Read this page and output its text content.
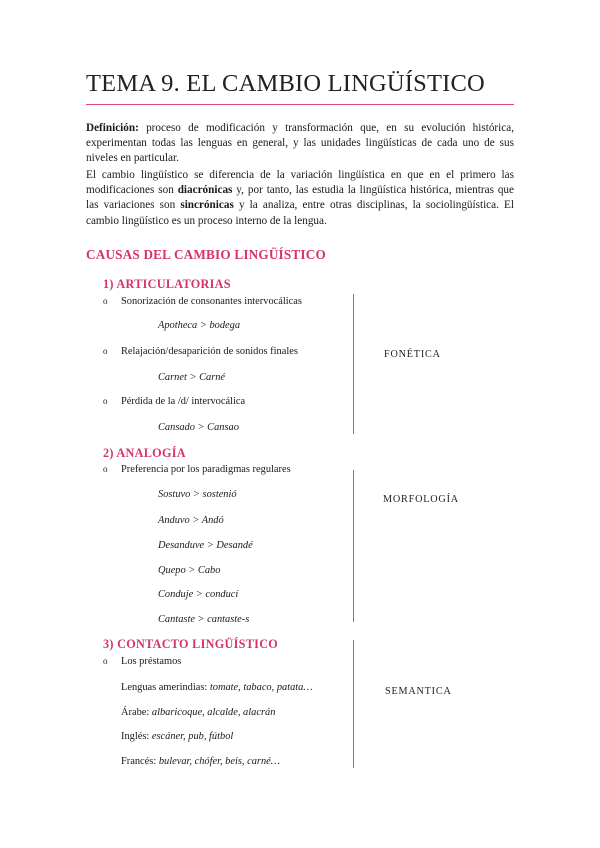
TEMA 9. EL CAMBIO LINGÜÍSTICO

Definición: proceso de modificación y transformación que, en su evolución histórica, experimentan todas las lenguas en general, y las unidades lingüísticas de cada uno de sus niveles en particular.

El cambio lingüístico se diferencia de la variación lingüística en que en el primero las modificaciones son diacrónicas y, por tanto, las estudia la lingüística histórica, mientras que las variaciones son sincrónicas y la analiza, entre otras disciplinas, la sociolingüística. El cambio lingüístico es un proceso interno de la lengua.

CAUSAS DEL CAMBIO LINGÜÍSTICO
1) ARTICULATORIAS
o Sonorización de consonantes intervocálicas
Apotheca > bodega
o Relajación/desaparición de sonidos finales
Carnet > Carné
o Pérdida de la /d/ intervocálica
Cansado > Cansao
FONÉTICA
2) ANALOGÍA
o Preferencia por los paradigmas regulares
Sostuvo > sostenió
Anduvo > Andó
Desanduve > Desandé
Quepo > Cabo
Conduje > conducí
Cantaste > cantaste-s
MORFOLOGÍA
3) CONTACTO LINGÜÍSTICO
o Los préstamos
Lenguas amerindias: tomate, tabaco, patata…
Árabe: albaricoque, alcalde, alacrán
Inglés: escáner, pub, fútbol
Francés: bulevar, chófer, beis, carné…
SEMANTICA
